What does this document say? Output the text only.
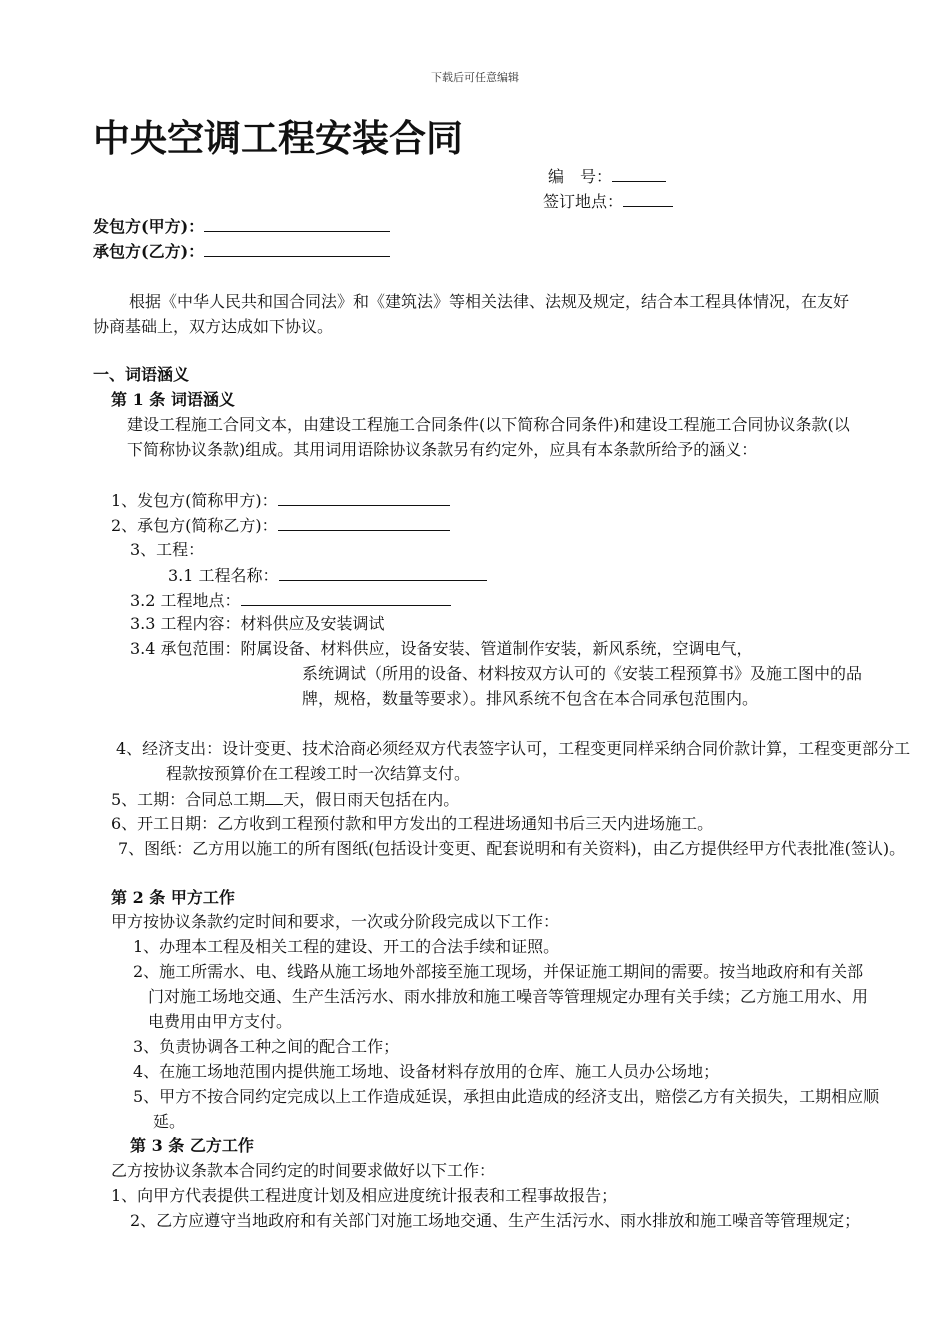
下载后可任意编辑
中央空调工程安装合同
编　号：
签订地点：
发包方(甲方)：
承包方(乙方)：
根据《中华人民共和国合同法》和《建筑法》等相关法律、法规及规定，结合本工程具体情况，在友好协商基础上，双方达成如下协议。
一、词语涵义
第 1 条 词语涵义
建设工程施工合同文本，由建设工程施工合同条件(以下简称合同条件)和建设工程施工合同协议条款(以下简称协议条款)组成。其用词用语除协议条款另有约定外，应具有本条款所给予的涵义：
1、发包方(简称甲方)：
2、承包方(简称乙方)：
3、工程：
3.1 工程名称：
3.2 工程地点：
3.3 工程内容：材料供应及安装调试
3.4 承包范围：附属设备、材料供应，设备安装、管道制作安装，新风系统，空调电气，
系统调试（所用的设备、材料按双方认可的《安装工程预算书》及施工图中的品牌，规格，数量等要求）。排风系统不包含在本合同承包范围内。
4、经济支出：设计变更、技术洽商必须经双方代表签字认可，工程变更同样采纳合同价款计算，工程变更部分工程款按预算价在工程竣工时一次结算支付。
5、工期：合同总工期 天，假日雨天包括在内。
6、开工日期：乙方收到工程预付款和甲方发出的工程进场通知书后三天内进场施工。
7、图纸：乙方用以施工的所有图纸(包括设计变更、配套说明和有关资料)，由乙方提供经甲方代表批准(签认)。
第 2 条 甲方工作
甲方按协议条款约定时间和要求，一次或分阶段完成以下工作：
1、办理本工程及相关工程的建设、开工的合法手续和证照。
2、施工所需水、电、线路从施工场地外部接至施工现场，并保证施工期间的需要。按当地政府和有关部门对施工场地交通、生产生活污水、雨水排放和施工噪音等管理规定办理有关手续；乙方施工用水、用电费用由甲方支付。
3、负责协调各工种之间的配合工作；
4、在施工场地范围内提供施工场地、设备材料存放用的仓库、施工人员办公场地；
5、甲方不按合同约定完成以上工作造成延误，承担由此造成的经济支出，赔偿乙方有关损失，工期相应顺延。
第 3 条 乙方工作
乙方按协议条款本合同约定的时间要求做好以下工作：
1、向甲方代表提供工程进度计划及相应进度统计报表和工程事故报告；
2、乙方应遵守当地政府和有关部门对施工场地交通、生产生活污水、雨水排放和施工噪音等管理规定；
